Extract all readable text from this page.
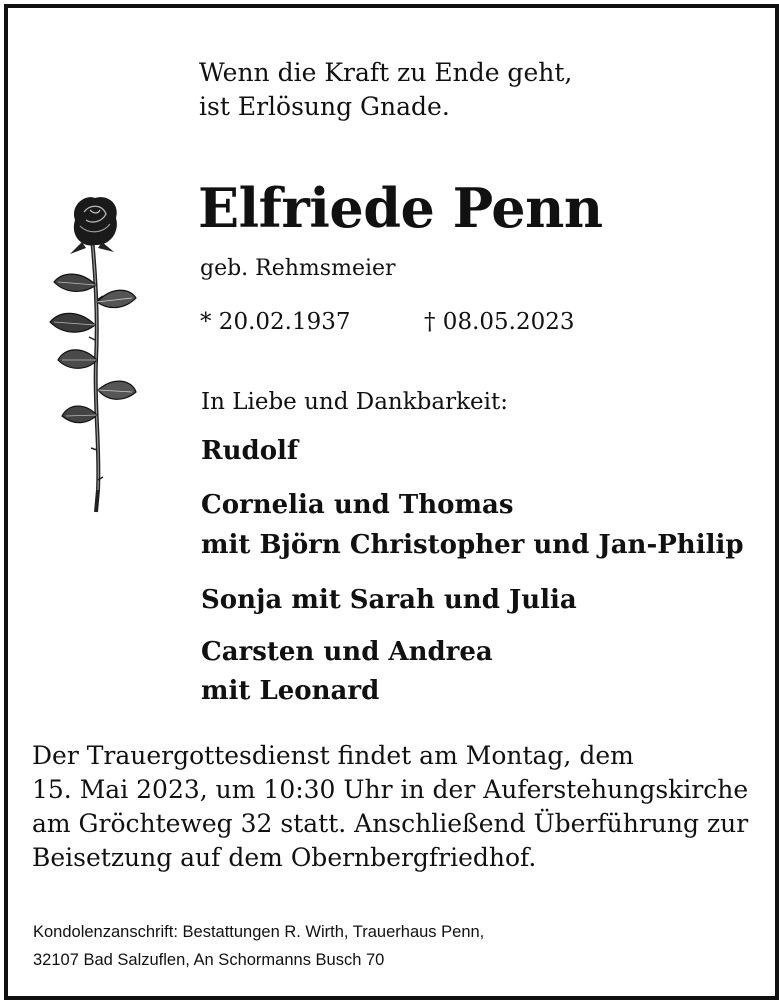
Wenn die Kraft zu Ende geht,
ist Erlösung Gnade.
Elfriede Penn
geb. Rehmsmeier
* 20.02.1937	† 08.05.2023
In Liebe und Dankbarkeit:
Rudolf
Cornelia und Thomas
mit Björn Christopher und Jan-Philip
Sonja mit Sarah und Julia
Carsten und Andrea
mit Leonard
Der Trauergottesdienst findet am Montag, dem
15. Mai 2023, um 10:30 Uhr in der Auferstehungskirche
am Gröchteweg 32 statt. Anschließend Überführung zur
Beisetzung auf dem Obernbergfriedhof.
Kondolenzanschrift: Bestattungen R. Wirth, Trauerhaus Penn,
32107 Bad Salzuflen, An Schormanns Busch 70
